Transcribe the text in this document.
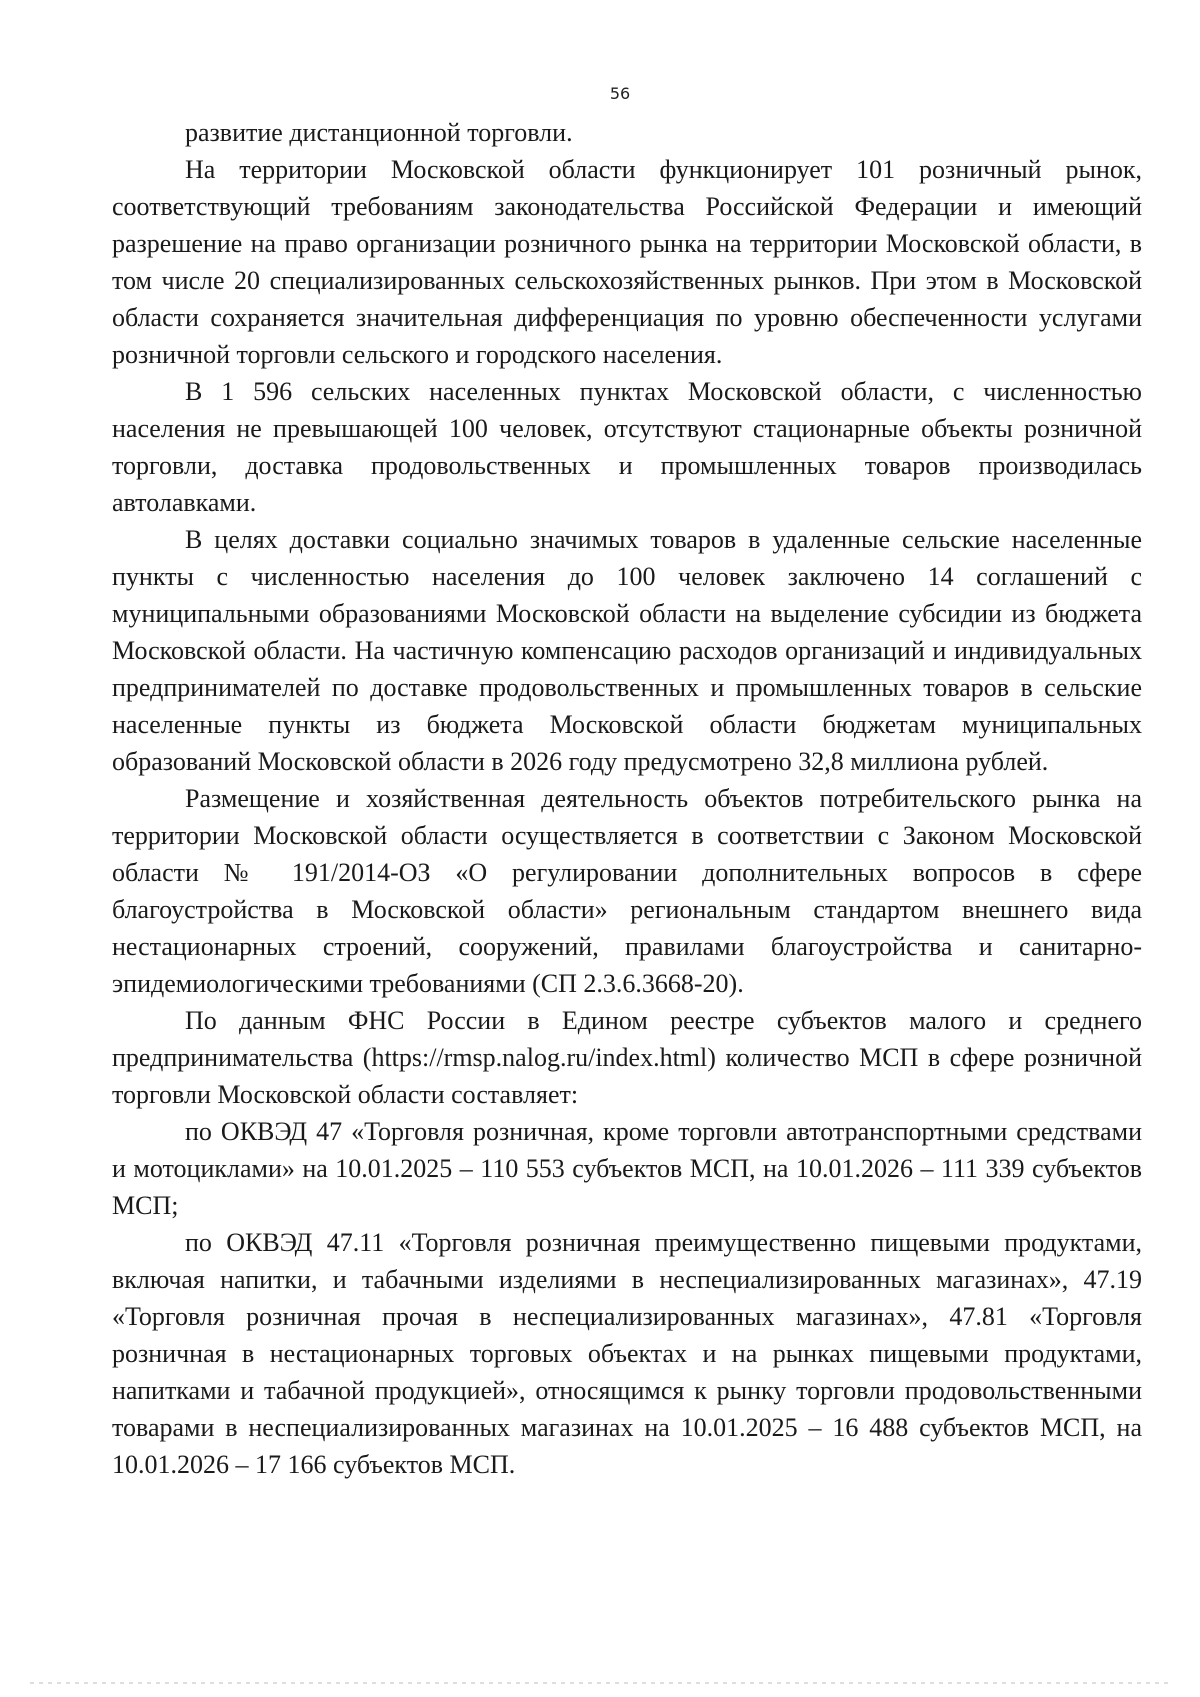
56

развитие дистанционной торговли.

На территории Московской области функционирует 101 розничный рынок, соответствующий требованиям законодательства Российской Федерации и имеющий разрешение на право организации розничного рынка на территории Московской области, в том числе 20 специализированных сельскохозяйственных рынков. При этом в Московской области сохраняется значительная дифференциация по уровню обеспеченности услугами розничной торговли сельского и городского населения.

В 1 596 сельских населенных пунктах Московской области, с численностью населения не превышающей 100 человек, отсутствуют стационарные объекты розничной торговли, доставка продовольственных и промышленных товаров производилась автолавками.

В целях доставки социально значимых товаров в удаленные сельские населенные пункты с численностью населения до 100 человек заключено 14 соглашений с муниципальными образованиями Московской области на выделение субсидии из бюджета Московской области. На частичную компенсацию расходов организаций и индивидуальных предпринимателей по доставке продовольственных и промышленных товаров в сельские населенные пункты из бюджета Московской области бюджетам муниципальных образований Московской области в 2026 году предусмотрено 32,8 миллиона рублей.

Размещение и хозяйственная деятельность объектов потребительского рынка на территории Московской области осуществляется в соответствии с Законом Московской области № 191/2014-ОЗ «О регулировании дополнительных вопросов в сфере благоустройства в Московской области» региональным стандартом внешнего вида нестационарных строений, сооружений, правилами благоустройства и санитарно-эпидемиологическими требованиями (СП 2.3.6.3668-20).

По данным ФНС России в Едином реестре субъектов малого и среднего предпринимательства (https://rmsp.nalog.ru/index.html) количество МСП в сфере розничной торговли Московской области составляет:

по ОКВЭД 47 «Торговля розничная, кроме торговли автотранспортными средствами и мотоциклами» на 10.01.2025 – 110 553 субъектов МСП, на 10.01.2026 – 111 339 субъектов МСП;

по ОКВЭД 47.11 «Торговля розничная преимущественно пищевыми продуктами, включая напитки, и табачными изделиями в неспециализированных магазинах», 47.19 «Торговля розничная прочая в неспециализированных магазинах», 47.81 «Торговля розничная в нестационарных торговых объектах и на рынках пищевыми продуктами, напитками и табачной продукцией», относящимся к рынку торговли продовольственными товарами в неспециализированных магазинах на 10.01.2025 – 16 488 субъектов МСП, на 10.01.2026 – 17 166 субъектов МСП.
